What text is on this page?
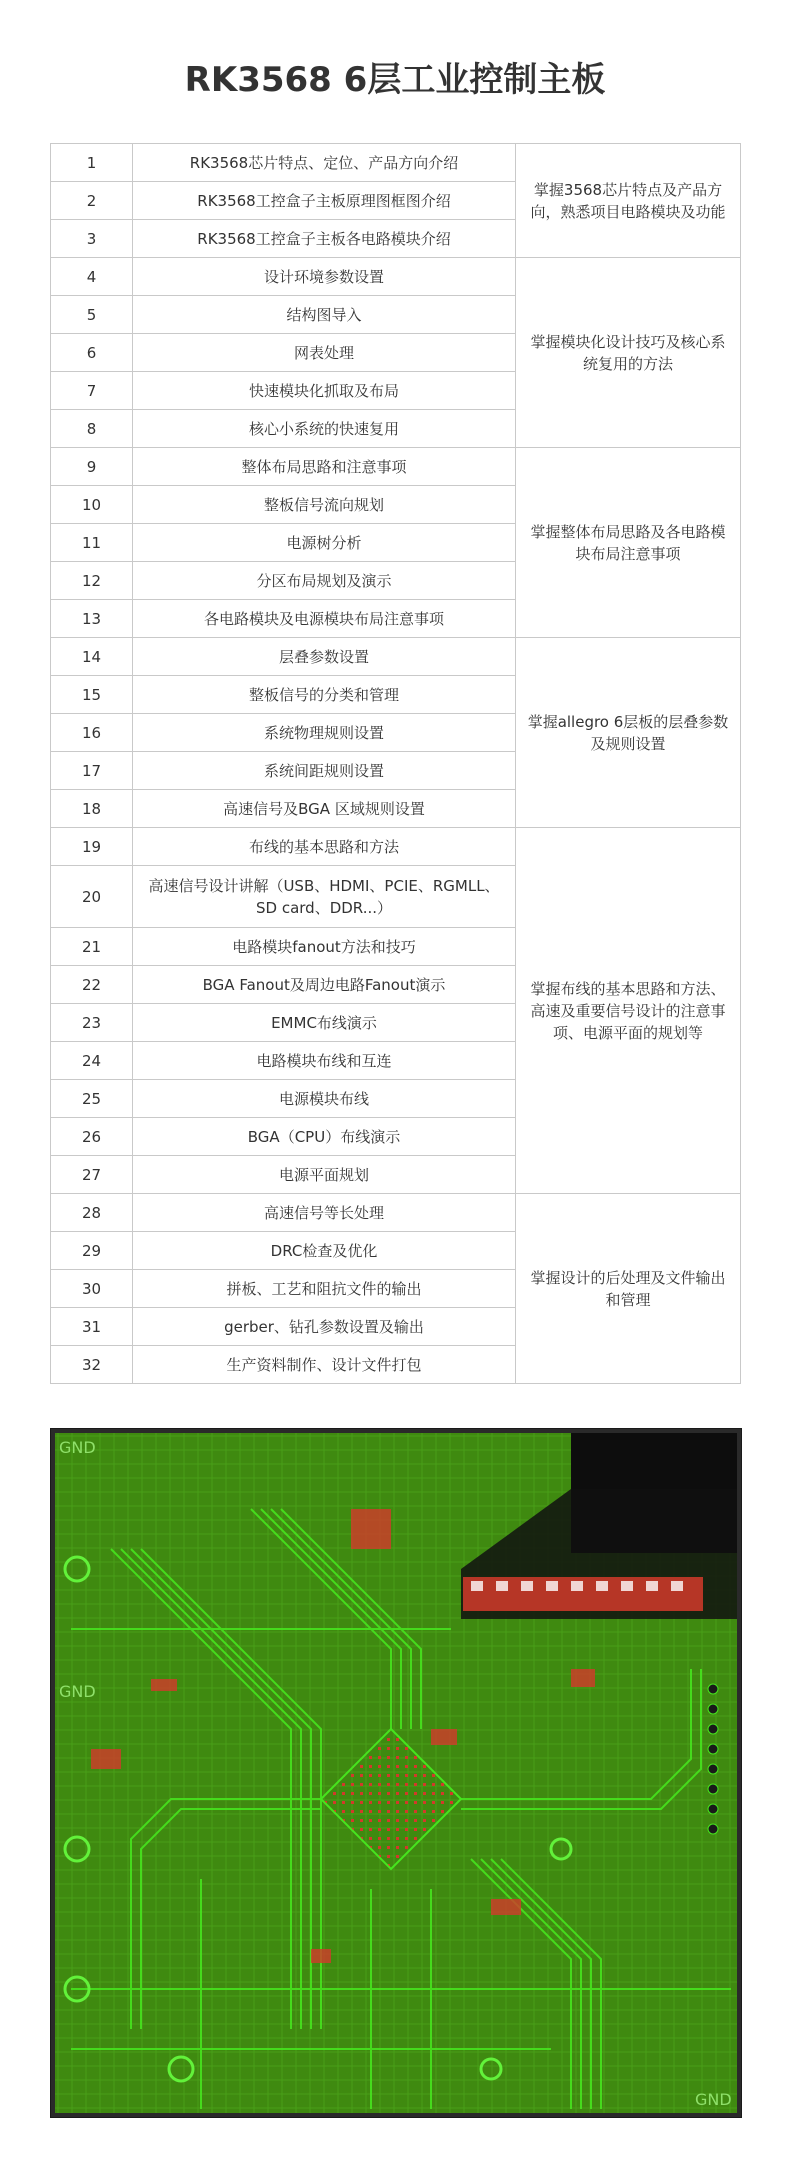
RK3568 6层工业控制主板
1	RK3568芯片特点、定位、产品方向介绍	掌握3568芯片特点及产品方向，熟悉项目电路模块及功能
2	RK3568工控盒子主板原理图框图介绍	
3	RK3568工控盒子主板各电路模块介绍	
4	设计环境参数设置	掌握模块化设计技巧及核心系统复用的方法
5	结构图导入	
6	网表处理	
7	快速模块化抓取及布局	
8	核心小系统的快速复用	
9	整体布局思路和注意事项	掌握整体布局思路及各电路模块布局注意事项
10	整板信号流向规划	
11	电源树分析	
12	分区布局规划及演示	
13	各电路模块及电源模块布局注意事项	
14	层叠参数设置	掌握allegro 6层板的层叠参数及规则设置
15	整板信号的分类和管理	
16	系统物理规则设置	
17	系统间距规则设置	
18	高速信号及BGA 区域规则设置	
19	布线的基本思路和方法	掌握布线的基本思路和方法、高速及重要信号设计的注意事项、电源平面的规划等
20	高速信号设计讲解（USB、HDMI、PCIE、RGMLL、SD card、DDR...）	
21	电路模块fanout方法和技巧	
22	BGA Fanout及周边电路Fanout演示	
23	EMMC布线演示	
24	电路模块布线和互连	
25	电源模块布线	
26	BGA（CPU）布线演示	
27	电源平面规划	
28	高速信号等长处理	掌握设计的后处理及文件输出和管理
29	DRC检查及优化	
30	拼板、工艺和阻抗文件的输出	
31	gerber、钻孔参数设置及输出	
32	生产资料制作、设计文件打包	
GND
GND
GND
